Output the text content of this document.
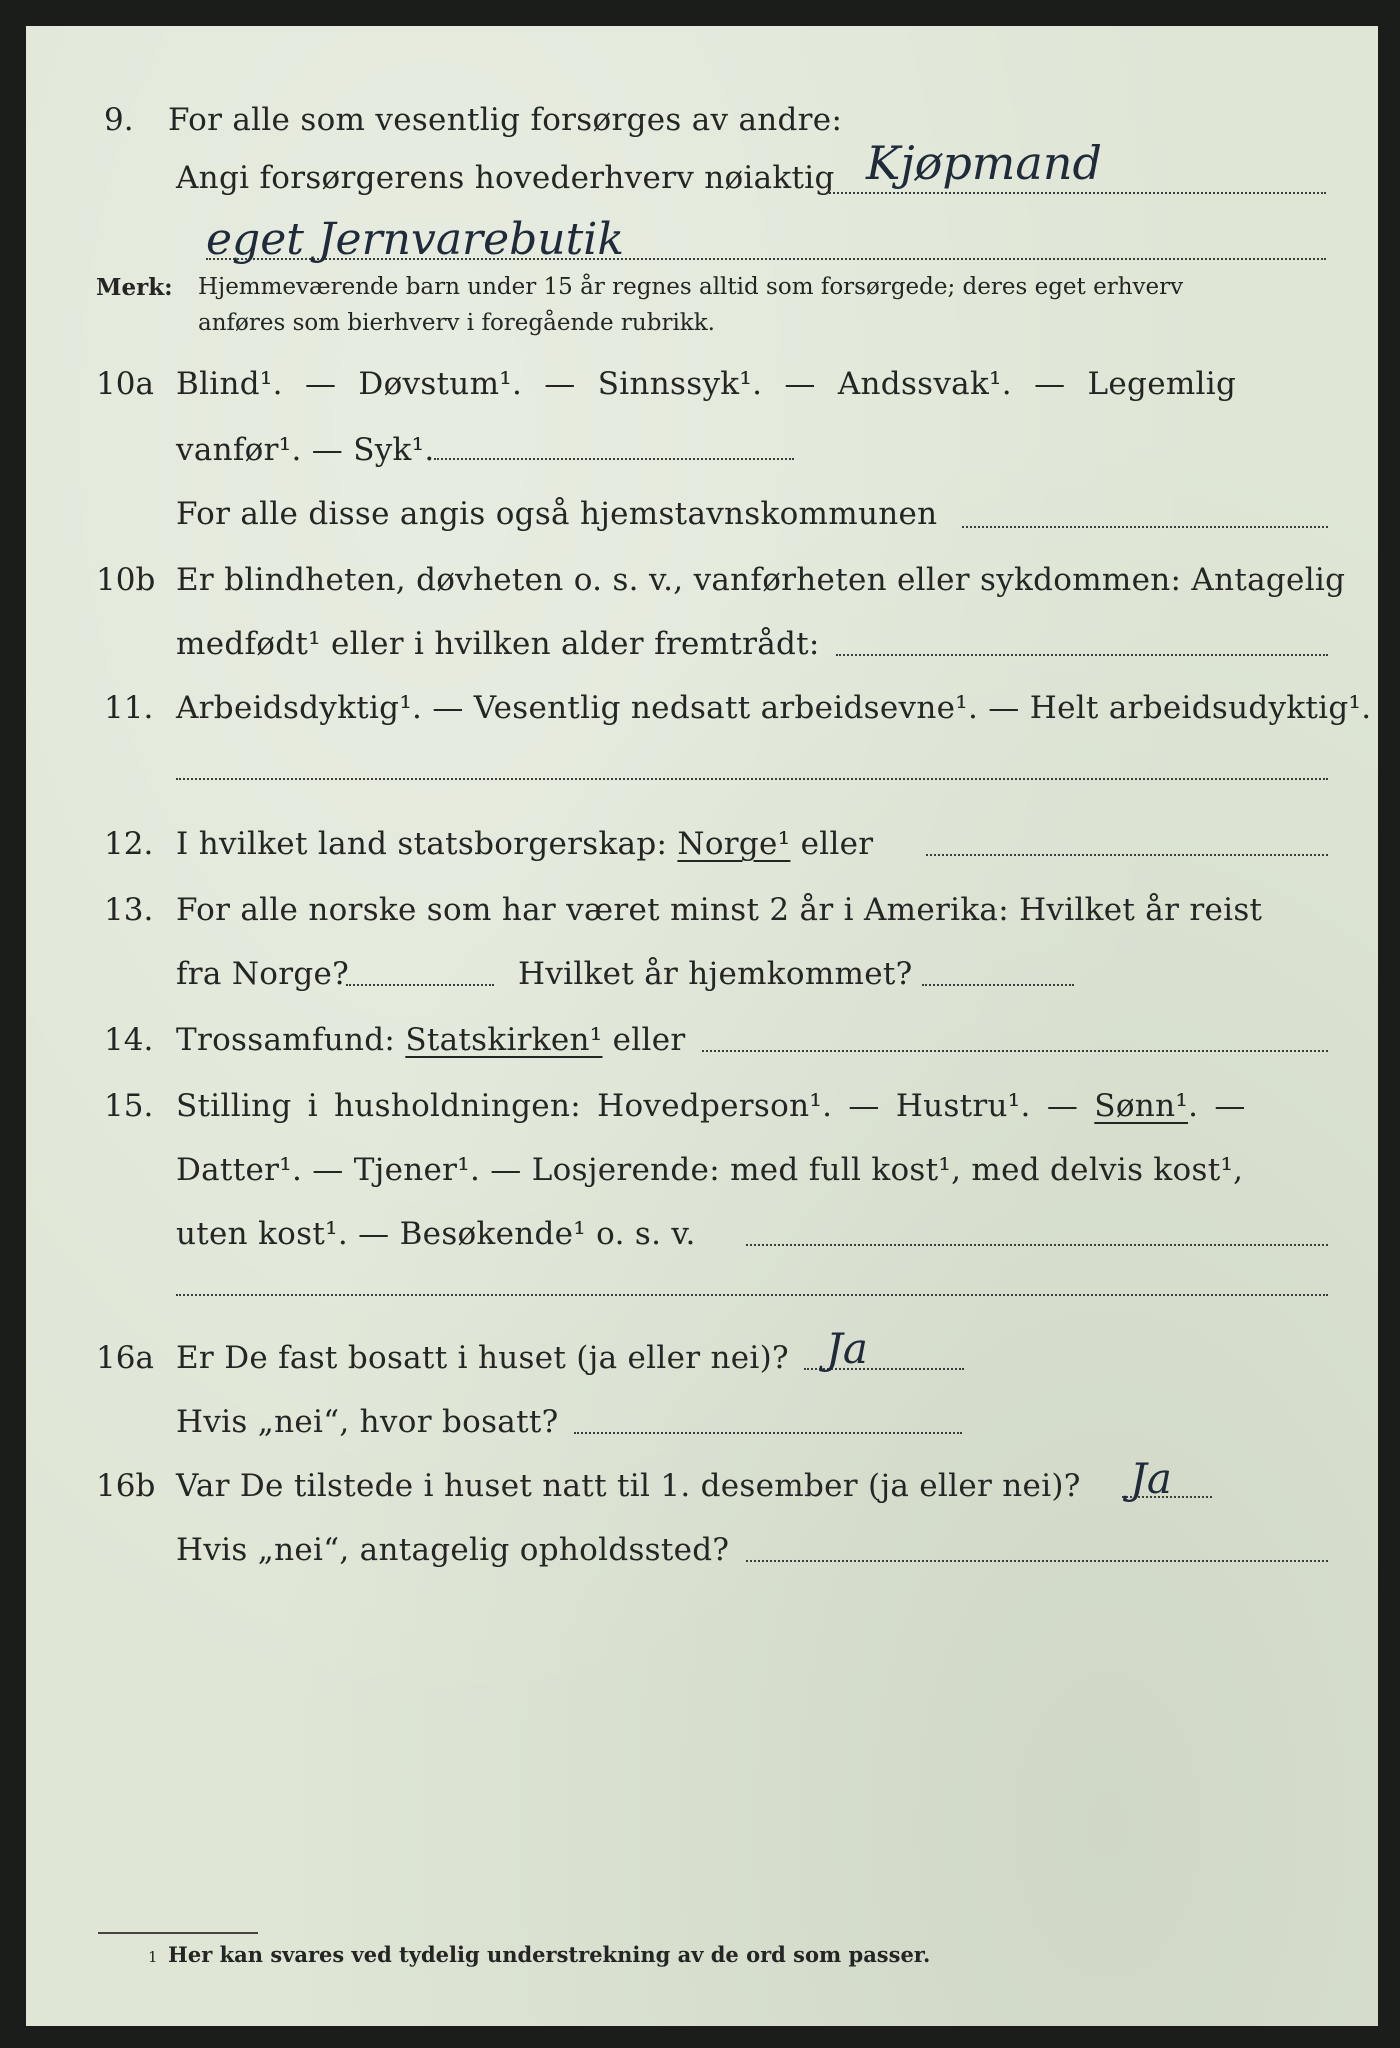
9. For alle som vesentlig forsørges av andre:
Angi forsørgerens hovederhverv nøiaktig Kjøpmand
eget Jernvarebutik
Merk: Hjemmeværende barn under 15 år regnes alltid som forsørgede; deres eget erhverv
anføres som bierhverv i foregående rubrikk.
10a Blind¹. — Døvstum¹. — Sinnssyk¹. — Andssvak¹. — Legemlig
vanfør¹. — Syk¹.
For alle disse angis også hjemstavnskommunen
10b Er blindheten, døvheten o. s. v., vanførheten eller sykdommen: Antagelig
medfødt¹ eller i hvilken alder fremtrådt:
11. Arbeidsdyktig¹. — Vesentlig nedsatt arbeidsevne¹. — Helt arbeidsudyktig¹.
12. I hvilket land statsborgerskap: Norge¹ eller
13. For alle norske som har været minst 2 år i Amerika: Hvilket år reist
fra Norge?	Hvilket år hjemkommet?
14. Trossamfund: Statskirken¹ eller
15. Stilling i husholdningen: Hovedperson¹. — Hustru¹. — Sønn¹. —
Datter¹. — Tjener¹. — Losjerende: med full kost¹, med delvis kost¹,
uten kost¹. — Besøkende¹ o. s. v.
16a Er De fast bosatt i huset (ja eller nei)? Ja
Hvis „nei“, hvor bosatt?
16b Var De tilstede i huset natt til 1. desember (ja eller nei)? Ja
Hvis „nei“, antagelig opholdssted?
1 Her kan svares ved tydelig understrekning av de ord som passer.
